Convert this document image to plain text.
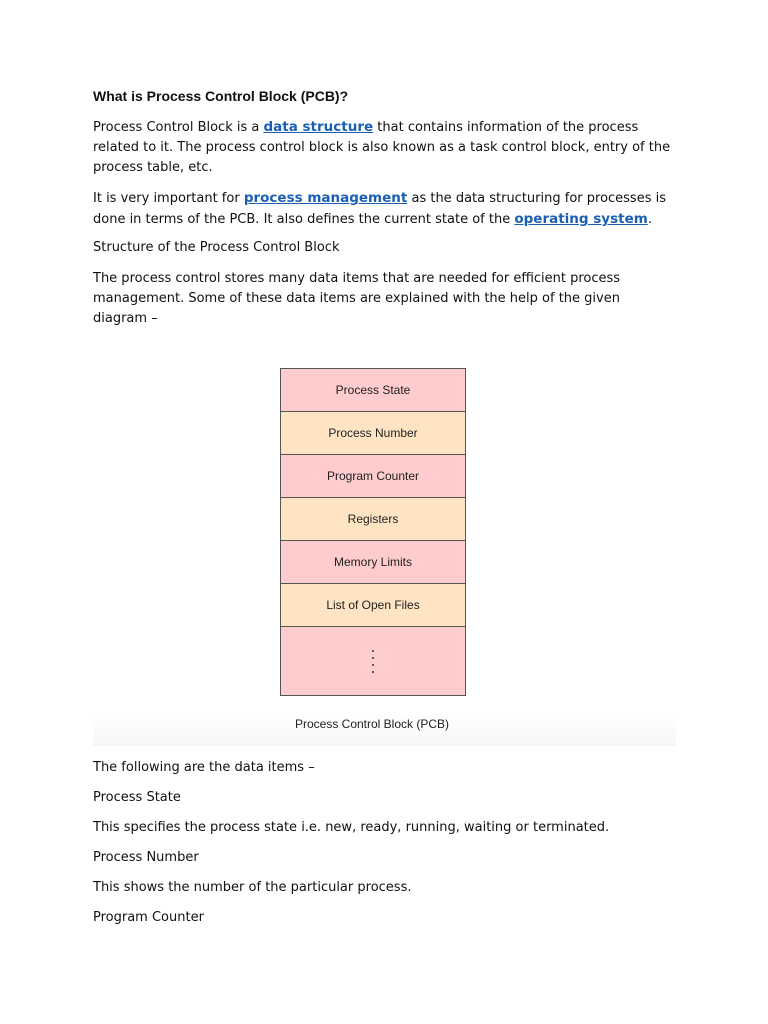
What is Process Control Block (PCB)?

Process Control Block is a data structure that contains information of the process related to it. The process control block is also known as a task control block, entry of the process table, etc.

It is very important for process management as the data structuring for processes is done in terms of the PCB. It also defines the current state of the operating system.

Structure of the Process Control Block

The process control stores many data items that are needed for efficient process management. Some of these data items are explained with the help of the given diagram –

Process State
Process Number
Program Counter
Registers
Memory Limits
List of Open Files
Process Control Block (PCB)

The following are the data items –

Process State

This specifies the process state i.e. new, ready, running, waiting or terminated.

Process Number

This shows the number of the particular process.

Program Counter
